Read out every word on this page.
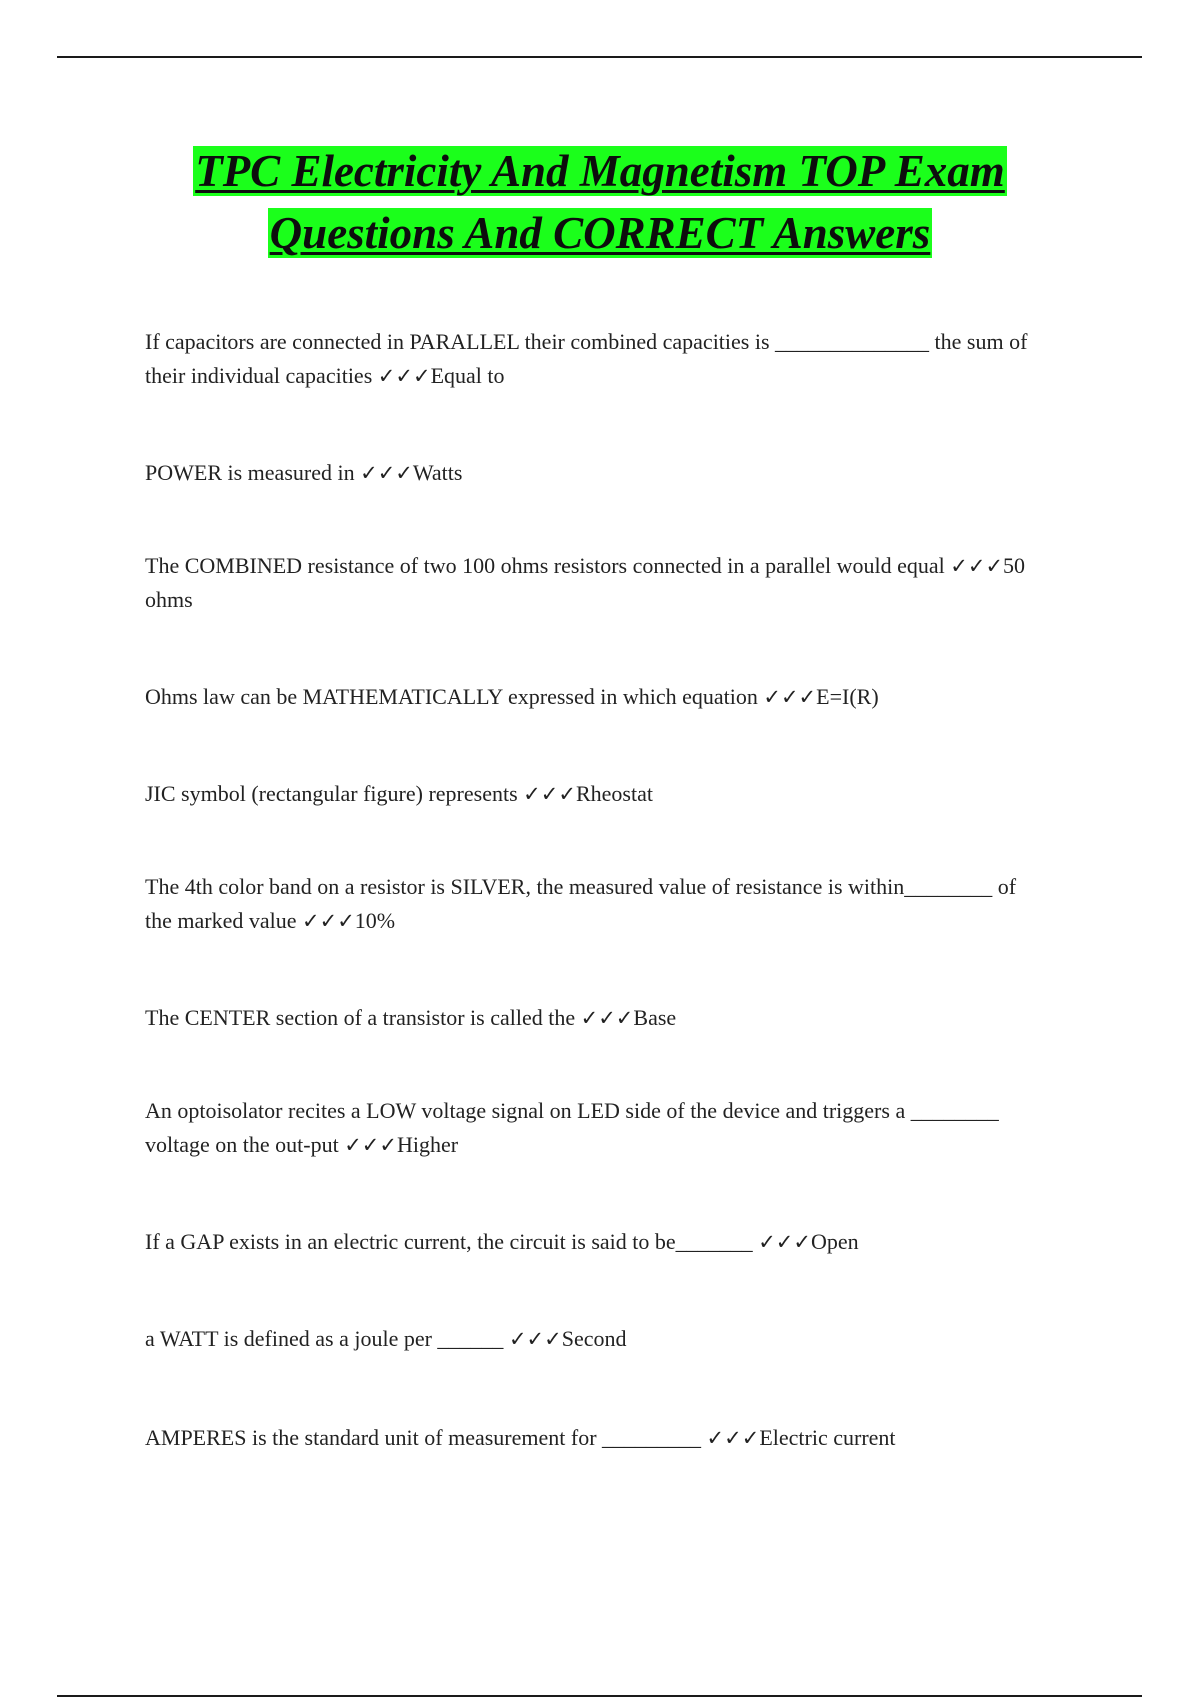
TPC Electricity And Magnetism TOP Exam
Questions And CORRECT Answers

If capacitors are connected in PARALLEL their combined capacities is ______________ the sum of their individual capacities ✓✓✓Equal to

POWER is measured in ✓✓✓Watts

The COMBINED resistance of two 100 ohms resistors connected in a parallel would equal ✓✓✓50 ohms

Ohms law can be MATHEMATICALLY expressed in which equation ✓✓✓E=I(R)

JIC symbol (rectangular figure) represents ✓✓✓Rheostat

The 4th color band on a resistor is SILVER, the measured value of resistance is within________ of the marked value ✓✓✓10%

The CENTER section of a transistor is called the ✓✓✓Base

An optoisolator recites a LOW voltage signal on LED side of the device and triggers a ________ voltage on the out-put ✓✓✓Higher

If a GAP exists in an electric current, the circuit is said to be_______ ✓✓✓Open

a WATT is defined as a joule per ______ ✓✓✓Second

AMPERES is the standard unit of measurement for _________ ✓✓✓Electric current
